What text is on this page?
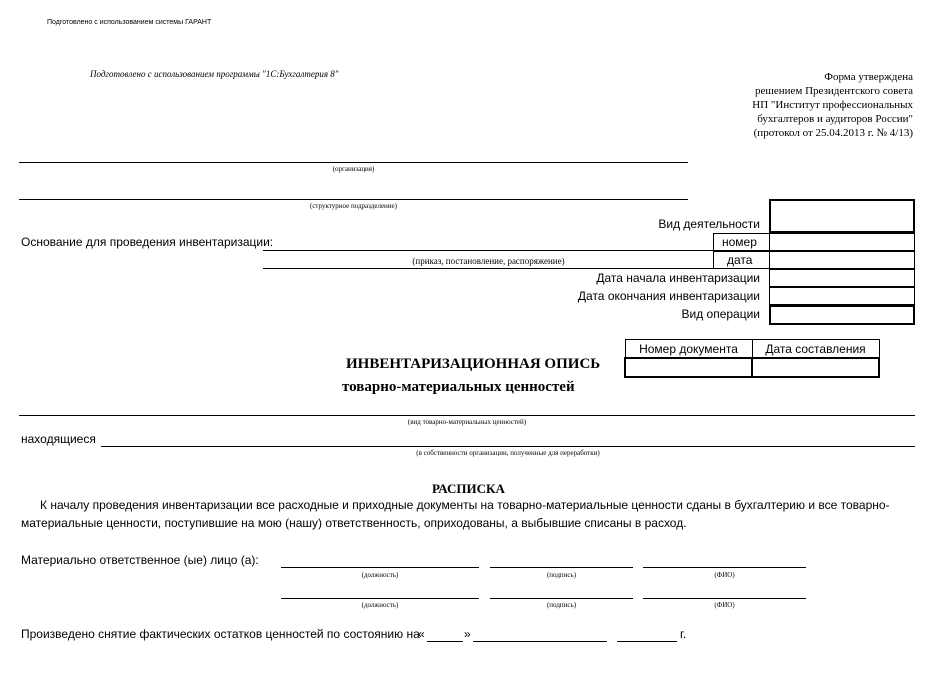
Подготовлено с использованием системы ГАРАНТ
Подготовлено с использованием программы "1С:Бухгалтерия 8"	Форма утверждена
решением Президентского совета
НП "Институт профессиональных
бухгалтеров и аудиторов России"
(протокол от 25.04.2013 г. № 4/13)
(организация)
(структурное подразделение)
номер
дата
Вид деятельности
Дата начала инвентаризации
Дата окончания инвентаризации
Вид операции
Основание для проведения инвентаризации:
(приказ, постановление, распоряжение)
Номер документа	Дата составления

ИНВЕНТАРИЗАЦИОННАЯ ОПИСЬ
товарно-материальных ценностей
(вид товарно-материальных ценностей)
находящиеся
(в собственности организации, полученные для переработки)
РАСПИСКА
К началу проведения инвентаризации все расходные и приходные документы на товарно-материальные ценности сданы в бухгалтерию и все товарно-
материальные ценности, поступившие на мою (нашу) ответственность, оприходованы, а выбывшие списаны в расход.
Материально ответственное (ые) лицо (а):
(должность)	(подпись)	(ФИО)
(должность)	(подпись)	(ФИО)
Произведено снятие фактических остатков ценностей по состоянию на
«	»	г.
